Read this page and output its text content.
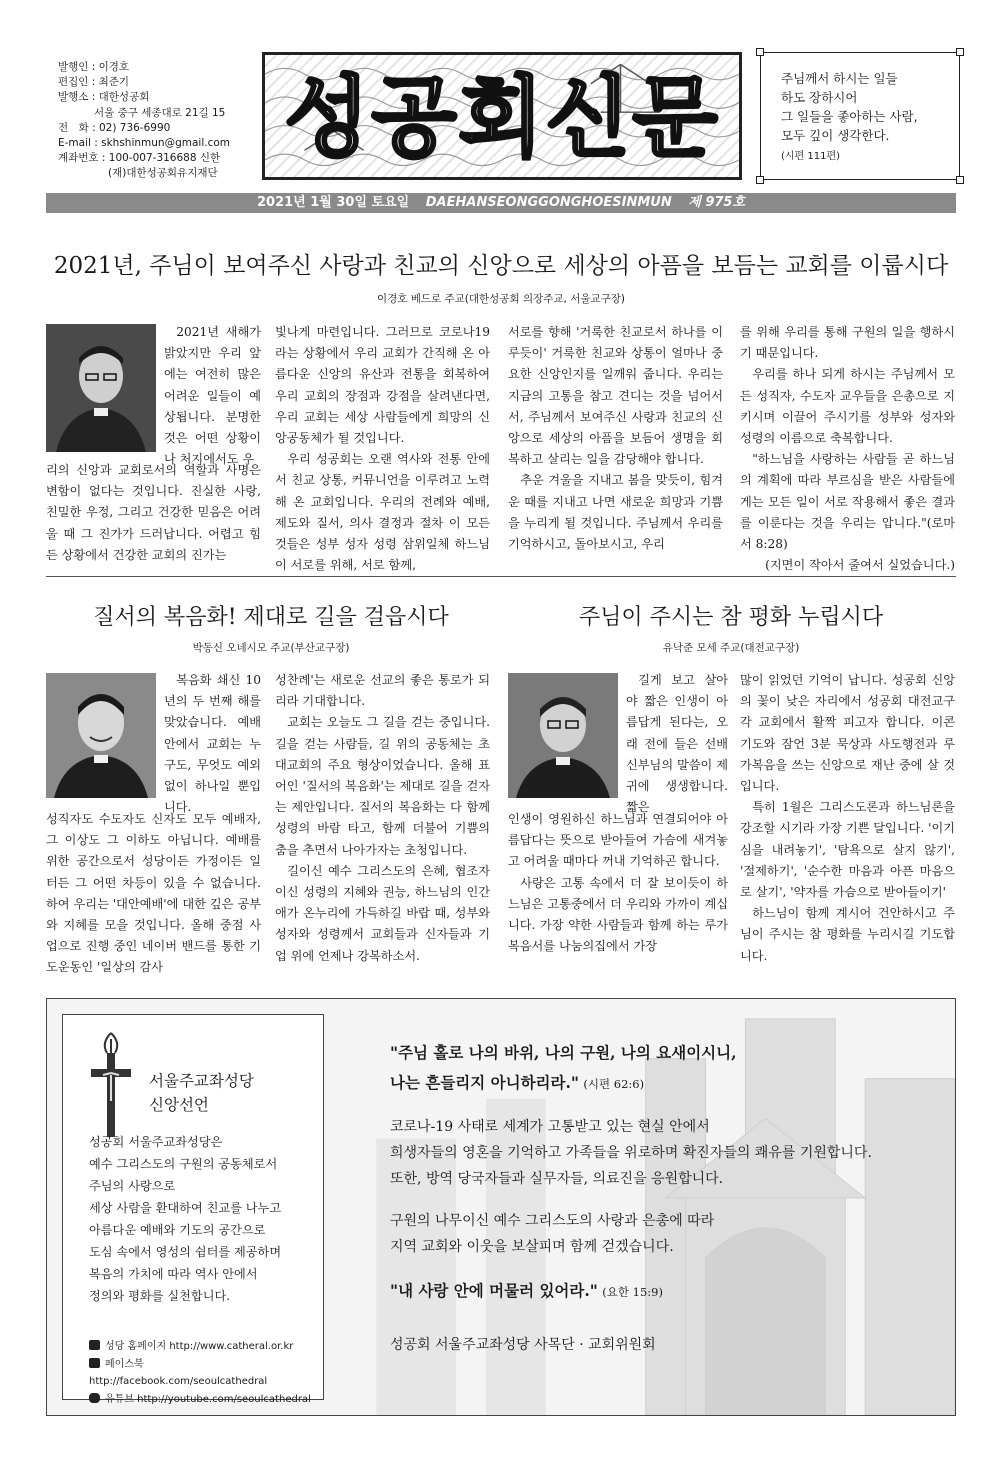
발행인 : 이경호
편집인 : 최준기
발행소 : 대한성공회
서울 중구 세종대로 21길 15
전　화 : 02) 736-6990
E-mail : skhshinmun@gmail.com
계좌번호 : 100-007-316688 신한
(재)대한성공회유지재단
성공회신문	주님께서 하시는 일들
하도 장하시어
그 일들을 좋아하는 사람,
모두 깊이 생각한다.
(시편 111편)
2021년 1월 30일 토요일 DAEHANSEONGGONGHOESINMUN 제 975호
2021년, 주님이 보여주신 사랑과 친교의 신앙으로 세상의 아픔을 보듬는 교회를 이룹시다
이경호 베드로 주교(대한성공회 의장주교, 서울교구장)

2021년 새해가 밝았지만 우리 앞에는 여전히 많은 어려운 일들이 예상됩니다. 분명한 것은 어떤 상황이나 처지에서도 우

리의 신앙과 교회로서의 역할과 사명은 변함이 없다는 것입니다. 진실한 사랑, 친밀한 우정, 그리고 건강한 믿음은 어려울 때 그 진가가 드러납니다. 어렵고 힘든 상황에서 건강한 교회의 진가는

빛나게 마련입니다. 그러므로 코로나19라는 상황에서 우리 교회가 간직해 온 아름다운 신앙의 유산과 전통을 회복하여 우리 교회의 장점과 강점을 살려낸다면, 우리 교회는 세상 사람들에게 희망의 신앙공동체가 될 것입니다.

우리 성공회는 오랜 역사와 전통 안에서 친교 상통, 커뮤니언을 이루려고 노력해 온 교회입니다. 우리의 전례와 예배, 제도와 질서, 의사 결정과 절차 이 모든 것들은 성부 성자 성령 삼위일체 하느님이 서로를 위해, 서로 함께,

서로를 향해 '거룩한 친교로서 하나를 이루듯이' 거룩한 친교와 상통이 얼마나 중요한 신앙인지를 일깨워 줍니다. 우리는 지금의 고통을 참고 견디는 것을 넘어서서, 주님께서 보여주신 사랑과 친교의 신앙으로 세상의 아픔을 보듬어 생명을 회복하고 살리는 일을 감당해야 합니다.

추운 겨울을 지내고 봄을 맞듯이, 힘겨운 때를 지내고 나면 새로운 희망과 기쁨을 누리게 될 것입니다. 주님께서 우리를 기억하시고, 돌아보시고, 우리

를 위해 우리를 통해 구원의 일을 행하시기 때문입니다.

우리를 하나 되게 하시는 주님께서 모든 성직자, 수도자 교우들을 은총으로 지키시며 이끌어 주시기를 성부와 성자와 성령의 이름으로 축복합니다.

"하느님을 사랑하는 사람들 곧 하느님의 계획에 따라 부르심을 받은 사람들에게는 모든 일이 서로 작용해서 좋은 결과를 이룬다는 것을 우리는 압니다."(로마서 8:28)

(지면이 작아서 줄여서 실었습니다.)

질서의 복음화! 제대로 길을 걸읍시다
박동신 오네시모 주교(부산교구장)

복음화 쇄신 10년의 두 번째 해를 맞았습니다. 예배 안에서 교회는 누구도, 무엇도 예외 없이 하나일 뿐입니다.

성직자도 수도자도 신자도 모두 예배자, 그 이상도 그 이하도 아닙니다. 예배를 위한 공간으로서 성당이든 가정이든 일터든 그 어떤 차등이 있을 수 없습니다. 하여 우리는 '대안예배'에 대한 깊은 공부와 지혜를 모을 것입니다. 올해 중점 사업으로 진행 중인 네이버 밴드를 통한 기도운동인 '일상의 감사

성찬례'는 새로운 선교의 좋은 통로가 되리라 기대합니다.

교회는 오늘도 그 길을 걷는 중입니다. 길을 걷는 사람들, 길 위의 공동체는 초대교회의 주요 형상이었습니다. 올해 표어인 '질서의 복음화'는 제대로 길을 걷자는 제안입니다. 질서의 복음화는 다 함께 성령의 바람 타고, 함께 더불어 기쁨의 춤을 추면서 나아가자는 초청입니다.

길이신 예수 그리스도의 은혜, 협조자이신 성령의 지혜와 권능, 하느님의 인간애가 온누리에 가득하길 바랍 때, 성부와 성자와 성령께서 교회들과 신자들과 기업 위에 언제나 강복하소서.

주님이 주시는 참 평화 누립시다
유낙준 모세 주교(대전교구장)

길게 보고 살아야 짧은 인생이 아름답게 된다는, 오래 전에 들은 선배 신부님의 말씀이 제 귀에 생생합니다. 짧은

인생이 영원하신 하느님과 연결되어야 아름답다는 뜻으로 받아들여 가슴에 새겨놓고 어려울 때마다 꺼내 기억하곤 합니다.

사랑은 고통 속에서 더 잘 보이듯이 하느님은 고통중에서 더 우리와 가까이 계십니다. 가장 약한 사람들과 함께 하는 루가복음서를 나눔의집에서 가장

많이 읽었던 기억이 납니다. 성공회 신앙의 꽃이 낮은 자리에서 성공회 대전교구 각 교회에서 활짝 피고자 합니다. 이콘 기도와 잠언 3분 묵상과 사도행전과 루가복음을 쓰는 신앙으로 재난 중에 살 것입니다.

특히 1월은 그리스도론과 하느님론을 강조할 시기라 가장 기쁜 달입니다. '이기심을 내려놓기', '탐욕으로 살지 않기', '절제하기', '순수한 마음과 아픈 마음으로 살기', '약자를 가슴으로 받아들이기'

하느님이 함께 계시어 건안하시고 주님이 주시는 참 평화를 누리시길 기도합니다.

서울주교좌성당
신앙선언
성공회 서울주교좌성당은
예수 그리스도의 구원의 공동체로서
주님의 사랑으로
세상 사람을 환대하여 친교를 나누고
아름다운 예배와 기도의 공간으로
도심 속에서 영성의 쉼터를 제공하며
복음의 가치에 따라 역사 안에서
정의와 평화를 실천합니다.
성당 홈페이지 http://www.catheral.or.kr
페이스북 http://facebook.com/seoulcathedral
유튜브 http://youtube.com/seoulcathedral

"주님 홀로 나의 바위, 나의 구원, 나의 요새이시니,
나는 흔들리지 아니하리라." (시편 62:6)

코로나-19 사태로 세계가 고통받고 있는 현실 안에서
희생자들의 영혼을 기억하고 가족들을 위로하며 확진자들의 쾌유를 기원합니다.
또한, 방역 당국자들과 실무자들, 의료진을 응원합니다.

구원의 나무이신 예수 그리스도의 사랑과 은총에 따라
지역 교회와 이웃을 보살피며 함께 걷겠습니다.

"내 사랑 안에 머물러 있어라." (요한 15:9)

성공회 서울주교좌성당 사목단 · 교회위원회
